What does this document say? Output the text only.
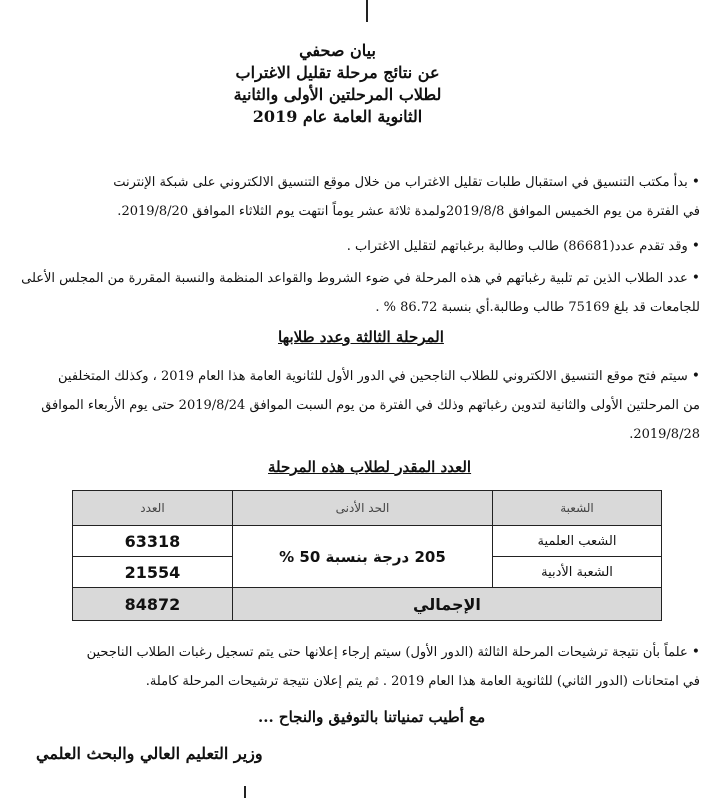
بيان صحفي
عن نتائج مرحلة تقليل الاغتراب
لطلاب المرحلتين الأولى والثانية
الثانوية العامة عام 2019
•بدأ مكتب التنسيق في استقبال طلبات تقليل الاغتراب من خلال موقع التنسيق الالكتروني على شبكة الإنترنت
في الفترة من يوم الخميس الموافق 2019/8/8ولمدة ثلاثة عشر يوماً انتهت يوم الثلاثاء الموافق 2019/8/20.
•وقد تقدم عدد(86681) طالب وطالبة برغباتهم لتقليل الاغتراب .
•عدد الطلاب الذين تم تلبية رغباتهم في هذه المرحلة في ضوء الشروط والقواعد المنظمة والنسبة المقررة من المجلس الأعلى
للجامعات قد بلغ 75169 طالب وطالبة.أي بنسبة 86.72 % .
المرحلة الثالثة وعدد طلابها
•سيتم فتح موقع التنسيق الالكتروني للطلاب الناجحين في الدور الأول للثانوية العامة هذا العام 2019 ، وكذلك المتخلفين
من المرحلتين الأولى والثانية لتدوين رغباتهم وذلك في الفترة من يوم السبت الموافق 2019/8/24 حتى يوم الأربعاء الموافق
2019/8/28.
العدد المقدر لطلاب هذه المرحلة
الشعبة	الحد الأدنى	العدد
الشعب العلمية	205 درجة بنسبة 50 %	63318
الشعبة الأدبية		21554
الإجمالي		84872
•علماً بأن نتيجة ترشيحات المرحلة الثالثة (الدور الأول) سيتم إرجاء إعلانها حتى يتم تسجيل رغبات الطلاب الناجحين
في امتحانات (الدور الثاني) للثانوية العامة هذا العام 2019 . ثم يتم إعلان نتيجة ترشيحات المرحلة كاملة.
مع أطيب تمنياتنا بالتوفيق والنجاح ...
وزير التعليم العالي والبحث العلمي
